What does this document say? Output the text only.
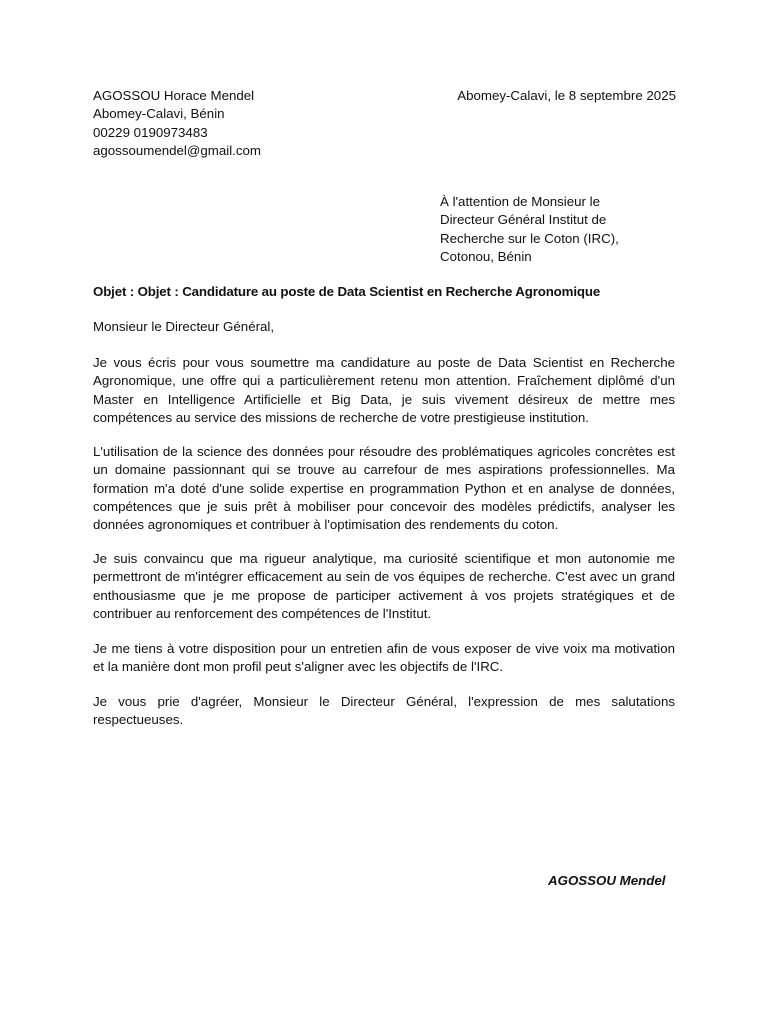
AGOSSOU Horace Mendel
Abomey-Calavi, Bénin
00229 0190973483
agossoumendel@gmail.com
Abomey-Calavi, le 8 septembre 2025
À l'attention de Monsieur le
Directeur Général Institut de
Recherche sur le Coton (IRC),
Cotonou, Bénin
Objet : Objet : Candidature au poste de Data Scientist en Recherche Agronomique
Monsieur le Directeur Général,
Je vous écris pour vous soumettre ma candidature au poste de Data Scientist en Recherche Agronomique, une offre qui a particulièrement retenu mon attention. Fraîchement diplômé d'un Master en Intelligence Artificielle et Big Data, je suis vivement désireux de mettre mes compétences au service des missions de recherche de votre prestigieuse institution.
L'utilisation de la science des données pour résoudre des problématiques agricoles concrètes est un domaine passionnant qui se trouve au carrefour de mes aspirations professionnelles. Ma formation m'a doté d'une solide expertise en programmation Python et en analyse de données, compétences que je suis prêt à mobiliser pour concevoir des modèles prédictifs, analyser les données agronomiques et contribuer à l'optimisation des rendements du coton.
Je suis convaincu que ma rigueur analytique, ma curiosité scientifique et mon autonomie me permettront de m'intégrer efficacement au sein de vos équipes de recherche. C'est avec un grand enthousiasme que je me propose de participer activement à vos projets stratégiques et de contribuer au renforcement des compétences de l'Institut.
Je me tiens à votre disposition pour un entretien afin de vous exposer de vive voix ma motivation et la manière dont mon profil peut s'aligner avec les objectifs de l'IRC.
Je vous prie d'agréer, Monsieur le Directeur Général, l'expression de mes salutations respectueuses.
AGOSSOU Mendel
